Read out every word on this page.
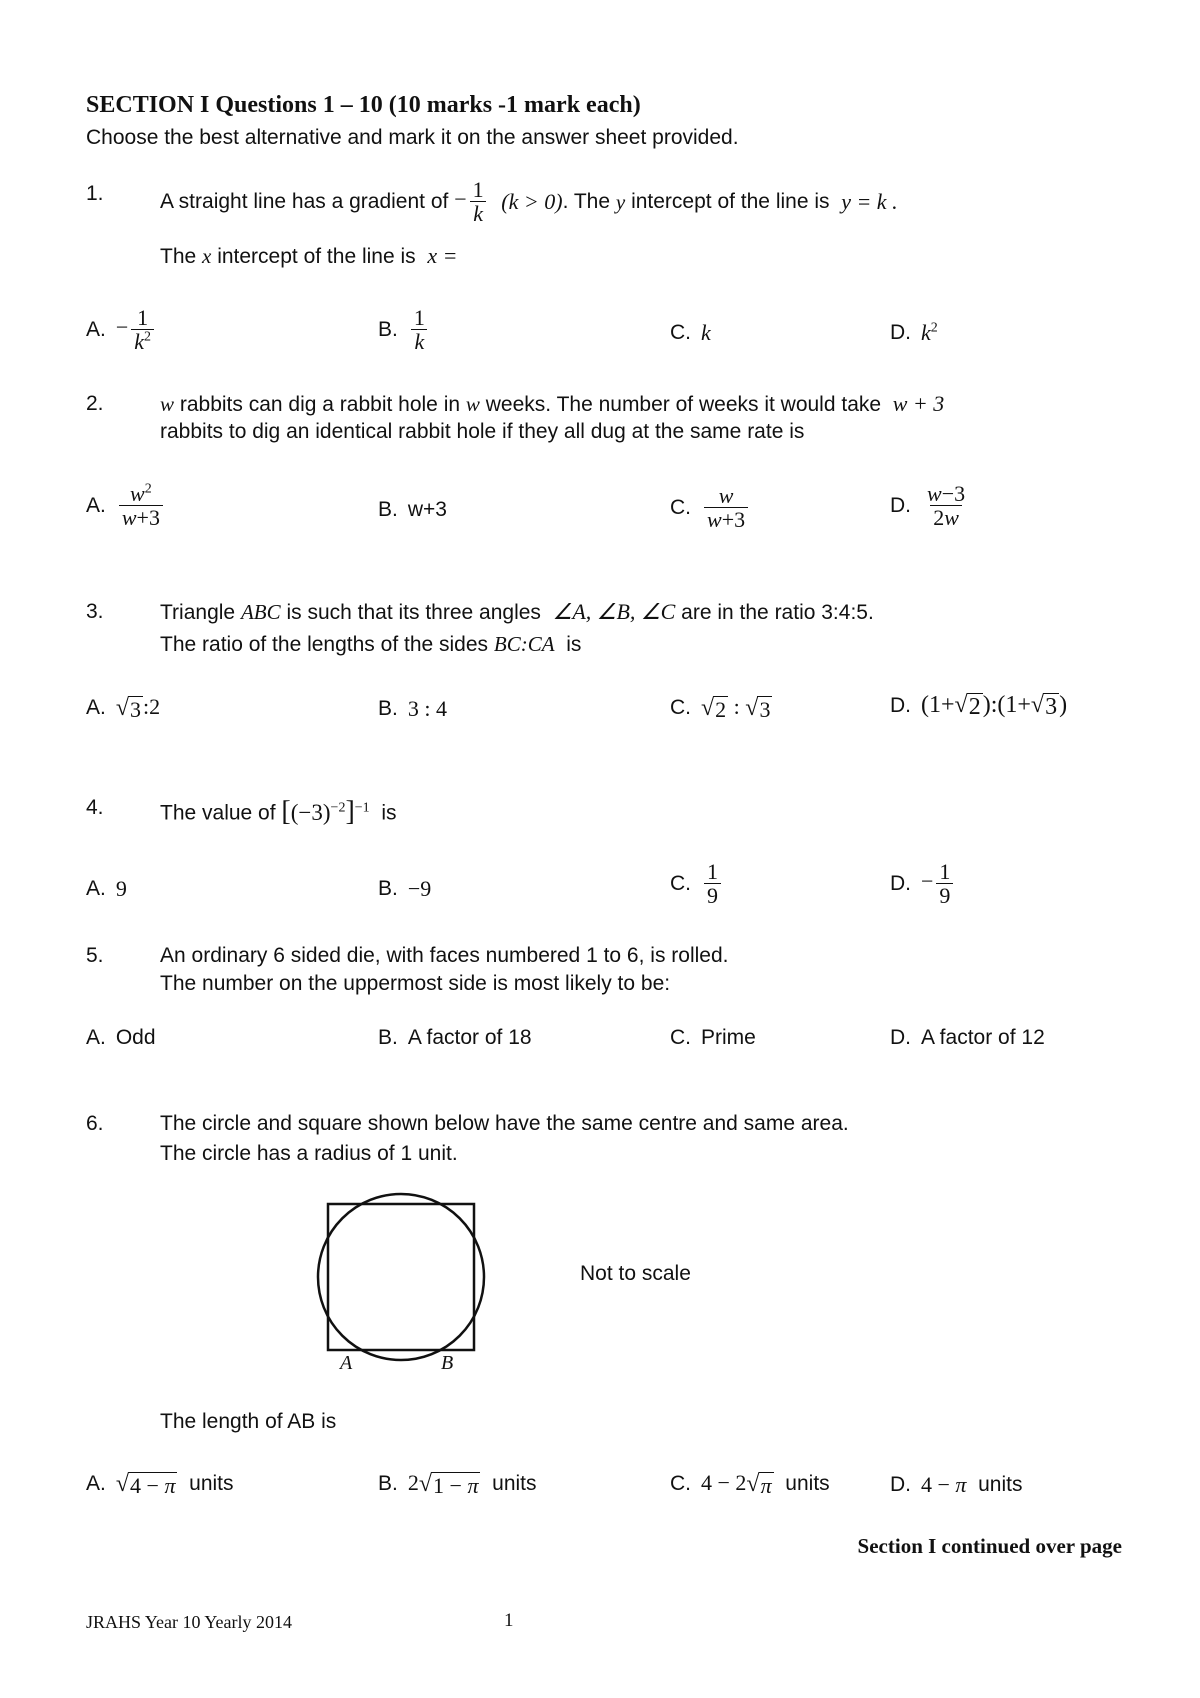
SECTION I Questions 1 – 10 (10 marks -1 mark each)
Choose the best alternative and mark it on the answer sheet provided.
1.	A straight line has a gradient of
− $\frac{1}{k}$
(k > 0) . The
y
intercept of the line is
y = k .
The x intercept of the line is x =
A. − $\frac{1}{k^2}$	B. $\frac{1}{k}$	C. k	D. $k^2$
2.	w rabbits can dig a rabbit hole in w weeks. The number of weeks it would take w + 3
rabbits to dig an identical rabbit hole if they all dug at the same rate is
A. $\frac{w^2}{w+3}$	B. w+3	C. $\frac{w}{w+3}$	D. $\frac{w-3}{2w}$
3.	Triangle ABC is such that its three angles ∠A, ∠B, ∠C are in the ratio 3:4:5.
The ratio of the lengths of the sides BC:CA is
A. √ 3 :2	B. 3 : 4	C. √ 2 : √ 3	D. (1+ √ 2 ):(1+ √ 3 )
4.	The value of $[(-3)^{-2}]^{-1}$ is
A. 9	B. −9	C. $\frac{1}{9}$	D. − $\frac{1}{9}$
5.	An ordinary 6 sided die, with faces numbered 1 to 6, is rolled.
The number on the uppermost side is most likely to be:
A. Odd	B. A factor of 18	C. Prime	D. A factor of 12
6.	The circle and square shown below have the same centre and same area.
The circle has a radius of 1 unit.
A	B
Not to scale
The length of AB is
A. √ 4 − π
units	B. 2 √ 1 − π
units	C. 4 − 2 √ π
units	D. 4 − π
units
Section I continued over page
JRAHS Year 10 Yearly 2014	1
